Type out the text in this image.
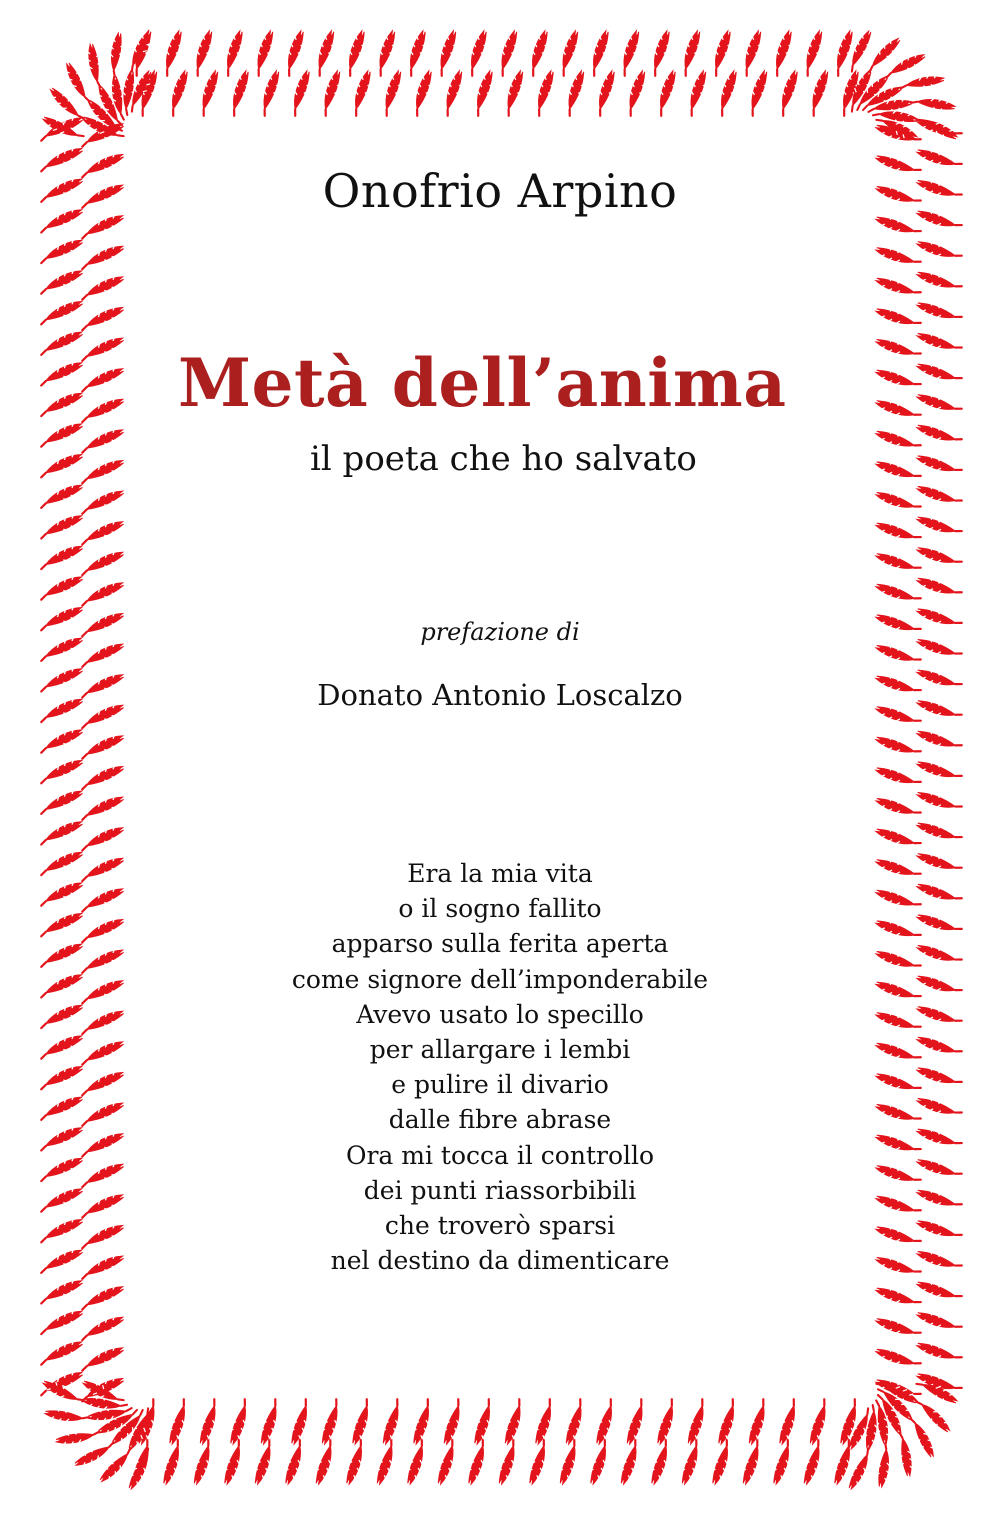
Onofrio Arpino
Metà dell’anima
il poeta che ho salvato
prefazione di
Donato Antonio Loscalzo
Era la mia vita
o il sogno fallito
apparso sulla ferita aperta
come signore dell’imponderabile
Avevo usato lo specillo
per allargare i lembi
e pulire il divario
dalle fibre abrase
Ora mi tocca il controllo
dei punti riassorbibili
che troverò sparsi
nel destino da dimenticare
